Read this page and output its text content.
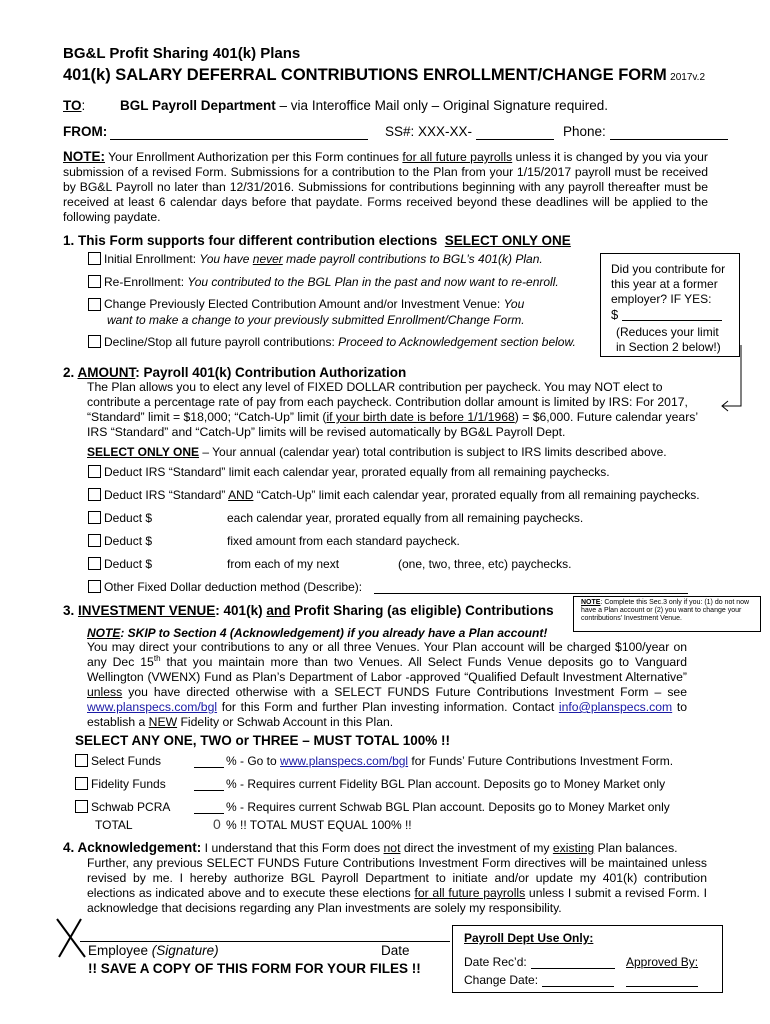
BG&L Profit Sharing 401(k) Plans
401(k) SALARY DEFERRAL CONTRIBUTIONS ENROLLMENT/CHANGE FORM 2017v.2
TO:	BGL Payroll Department – via Interoffice Mail only – Original Signature required.
FROM:	SS#: XXX-XX-	Phone:
NOTE: Your Enrollment Authorization per this Form continues for all future payrolls unless it is changed by you via your submission of a revised Form. Submissions for a contribution to the Plan from your 1/15/2017 payroll must be received by BG&L Payroll no later than 12/31/2016. Submissions for contributions beginning with any payroll thereafter must be received at least 6 calendar days before that paydate. Forms received beyond these deadlines will be applied to the following paydate.
1. This Form supports four different contribution elections SELECT ONLY ONE
Initial Enrollment: You have never made payroll contributions to BGL’s 401(k) Plan.
Re-Enrollment: You contributed to the BGL Plan in the past and now want to re-enroll.
Change Previously Elected Contribution Amount and/or Investment Venue: You
want to make a change to your previously submitted Enrollment/Change Form.
Decline/Stop all future payroll contributions: Proceed to Acknowledgement section below.
Did you contribute for
this year at a former
employer? IF YES:
$
(Reduces your limit
in Section 2 below!)
2. AMOUNT: Payroll 401(k) Contribution Authorization
The Plan allows you to elect any level of FIXED DOLLAR contribution per paycheck. You may NOT elect to contribute a percentage rate of pay from each paycheck. Contribution dollar amount is limited by IRS: For 2017, “Standard” limit = $18,000; “Catch-Up” limit (if your birth date is before 1/1/1968) = $6,000. Future calendar years’ IRS “Standard” and “Catch-Up” limits will be revised automatically by BG&L Payroll Dept.
SELECT ONLY ONE – Your annual (calendar year) total contribution is subject to IRS limits described above.
Deduct IRS “Standard” limit each calendar year, prorated equally from all remaining paychecks.
Deduct IRS “Standard” AND “Catch-Up” limit each calendar year, prorated equally from all remaining paychecks.
Deduct $	each calendar year, prorated equally from all remaining paychecks.
Deduct $	fixed amount from each standard paycheck.
Deduct $	from each of my next	(one, two, three, etc) paychecks.
Other Fixed Dollar deduction method (Describe):
3. INVESTMENT VENUE: 401(k) and Profit Sharing (as eligible) Contributions
NOTE: Complete this Sec.3 only if you: (1) do not now have a Plan account or (2) you want to change your contributions’ Investment Venue.
NOTE: SKIP to Section 4 (Acknowledgement) if you already have a Plan account!
You may direct your contributions to any or all three Venues. Your Plan account will be charged $100/year on any Dec 15th that you maintain more than two Venues. All Select Funds Venue deposits go to Vanguard Wellington (VWENX) Fund as Plan’s Department of Labor -approved “Qualified Default Investment Alternative” unless you have directed otherwise with a SELECT FUNDS Future Contributions Investment Form – see www.planspecs.com/bgl for this Form and further Plan investing information. Contact info@planspecs.com to establish a NEW Fidelity or Schwab Account in this Plan.
SELECT ANY ONE, TWO or THREE – MUST TOTAL 100% !!
Select Funds	% - Go to www.planspecs.com/bgl for Funds’ Future Contributions Investment Form.
Fidelity Funds	% - Requires current Fidelity BGL Plan account. Deposits go to Money Market only
Schwab PCRA	% - Requires current Schwab BGL Plan account. Deposits go to Money Market only
TOTAL	0 % !! TOTAL MUST EQUAL 100% !!
4. Acknowledgement: I understand that this Form does not direct the investment of my existing Plan balances.
Further, any previous SELECT FUNDS Future Contributions Investment Form directives will be maintained unless revised by me. I hereby authorize BGL Payroll Department to initiate and/or update my 401(k) contribution elections as indicated above and to execute these elections for all future payrolls unless I submit a revised Form. I acknowledge that decisions regarding any Plan investments are solely my responsibility.
Employee (Signature)	Date
!! SAVE A COPY OF THIS FORM FOR YOUR FILES !!
Payroll Dept Use Only:
Date Rec’d:	Approved By:
Change Date:
